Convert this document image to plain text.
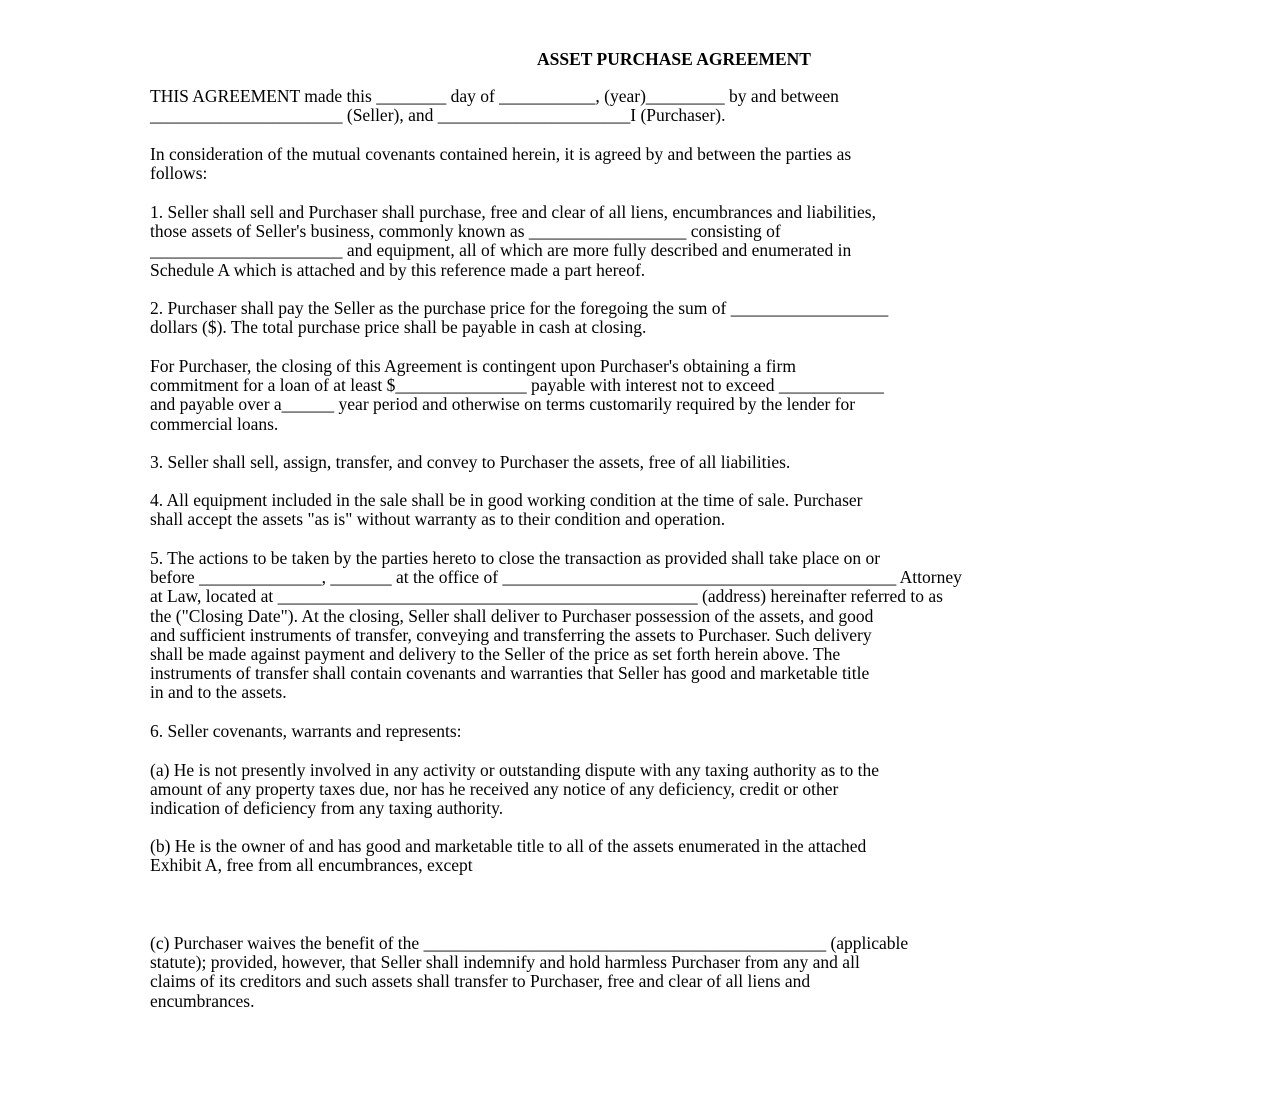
ASSET PURCHASE AGREEMENT
THIS AGREEMENT made this ________ day of ___________, (year)_________ by and between
______________________ (Seller), and ______________________I (Purchaser).
In consideration of the mutual covenants contained herein, it is agreed by and between the parties as
follows:
1. Seller shall sell and Purchaser shall purchase, free and clear of all liens, encumbrances and liabilities,
those assets of Seller's business, commonly known as __________________ consisting of
______________________ and equipment, all of which are more fully described and enumerated in
Schedule A which is attached and by this reference made a part hereof.
2. Purchaser shall pay the Seller as the purchase price for the foregoing the sum of __________________
dollars ($). The total purchase price shall be payable in cash at closing.
For Purchaser, the closing of this Agreement is contingent upon Purchaser's obtaining a firm
commitment for a loan of at least $_______________ payable with interest not to exceed ____________
and payable over a______ year period and otherwise on terms customarily required by the lender for
commercial loans.
3. Seller shall sell, assign, transfer, and convey to Purchaser the assets, free of all liabilities.
4. All equipment included in the sale shall be in good working condition at the time of sale. Purchaser
shall accept the assets "as is" without warranty as to their condition and operation.
5. The actions to be taken by the parties hereto to close the transaction as provided shall take place on or
before ______________, _______ at the office of _____________________________________________ Attorney
at Law, located at ________________________________________________ (address) hereinafter referred to as
the ("Closing Date"). At the closing, Seller shall deliver to Purchaser possession of the assets, and good
and sufficient instruments of transfer, conveying and transferring the assets to Purchaser. Such delivery
shall be made against payment and delivery to the Seller of the price as set forth herein above. The
instruments of transfer shall contain covenants and warranties that Seller has good and marketable title
in and to the assets.
6. Seller covenants, warrants and represents:
(a) He is not presently involved in any activity or outstanding dispute with any taxing authority as to the
amount of any property taxes due, nor has he received any notice of any deficiency, credit or other
indication of deficiency from any taxing authority.
(b) He is the owner of and has good and marketable title to all of the assets enumerated in the attached
Exhibit A, free from all encumbrances, except
(c) Purchaser waives the benefit of the ______________________________________________ (applicable
statute); provided, however, that Seller shall indemnify and hold harmless Purchaser from any and all
claims of its creditors and such assets shall transfer to Purchaser, free and clear of all liens and
encumbrances.
